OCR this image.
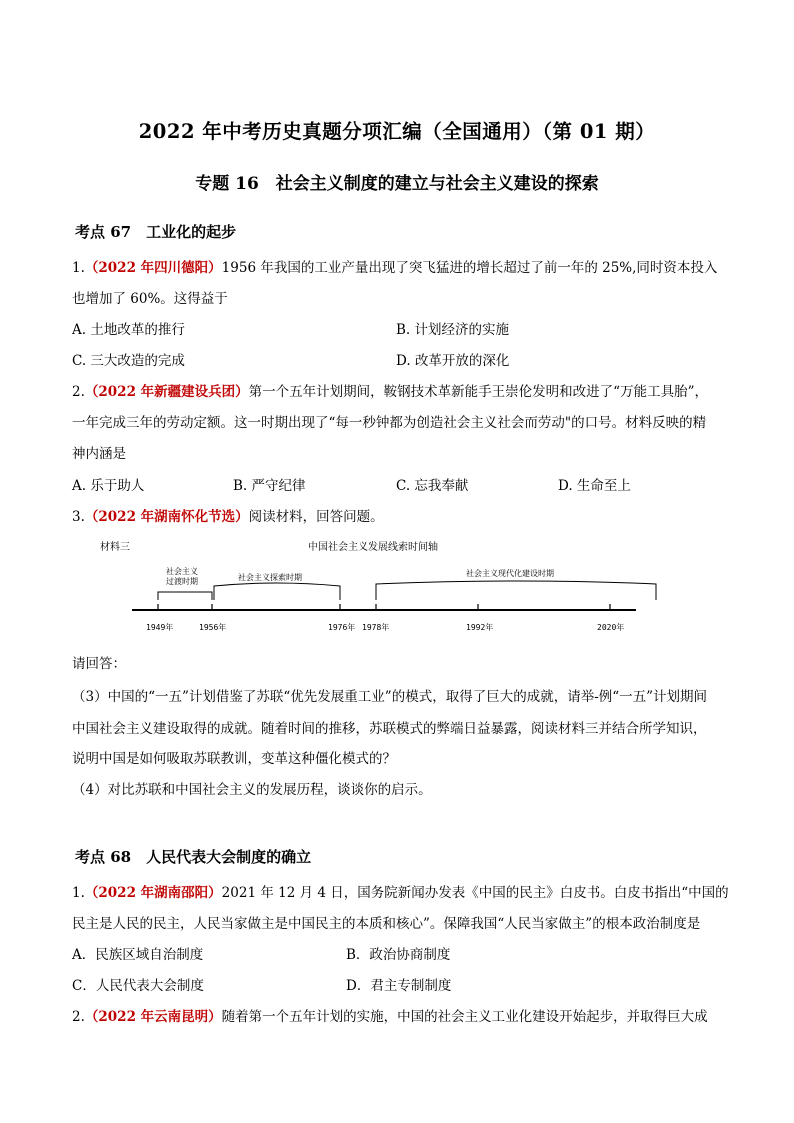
2022 年中考历史真题分项汇编（全国通用）（第 01 期）
专题 16　社会主义制度的建立与社会主义建设的探索
考点 67　工业化的起步
1.（2022 年四川德阳）1956 年我国的工业产量出现了突飞猛进的增长超过了前一年的 25%,同时资本投入
也增加了 60%。这得益于
A. 土地改革的推行	B. 计划经济的实施
C. 三大改造的完成	D. 改革开放的深化
2.（2022 年新疆建设兵团）第一个五年计划期间，鞍钢技术革新能手王崇伦发明和改进了“万能工具胎”，
一年完成三年的劳动定额。这一时期出现了“每一秒钟都为创造社会主义社会而劳动"的口号。材料反映的精
神内涵是
A. 乐于助人	B. 严守纪律	C. 忘我奉献	D. 生命至上
3.（2022 年湖南怀化节选）阅读材料，回答问题。
材料三	中国社会主义发展线索时间轴
社会主义
过渡时期	社会主义探索时期	社会主义现代化建设时期
1949年	1956年	1976年 1978年	1992年	2020年
请回答：
（3）中国的“一五”计划借鉴了苏联“优先发展重工业”的模式，取得了巨大的成就，请举-例“一五”计划期间
中国社会主义建设取得的成就。随着时间的推移，苏联模式的弊端日益暴露，阅读材料三并结合所学知识，
说明中国是如何吸取苏联教训，变革这种僵化模式的？
（4）对比苏联和中国社会主义的发展历程，谈谈你的启示。
考点 68　人民代表大会制度的确立
1.（2022 年湖南邵阳）2021 年 12 月 4 日，国务院新闻办发表《中国的民主》白皮书。白皮书指出“中国的
民主是人民的民主，人民当家做主是中国民主的本质和核心”。保障我国“人民当家做主”的根本政治制度是
A．民族区域自治制度	B．政治协商制度
C．人民代表大会制度	D．君主专制制度
2.（2022 年云南昆明）随着第一个五年计划的实施，中国的社会主义工业化建设开始起步，并取得巨大成
